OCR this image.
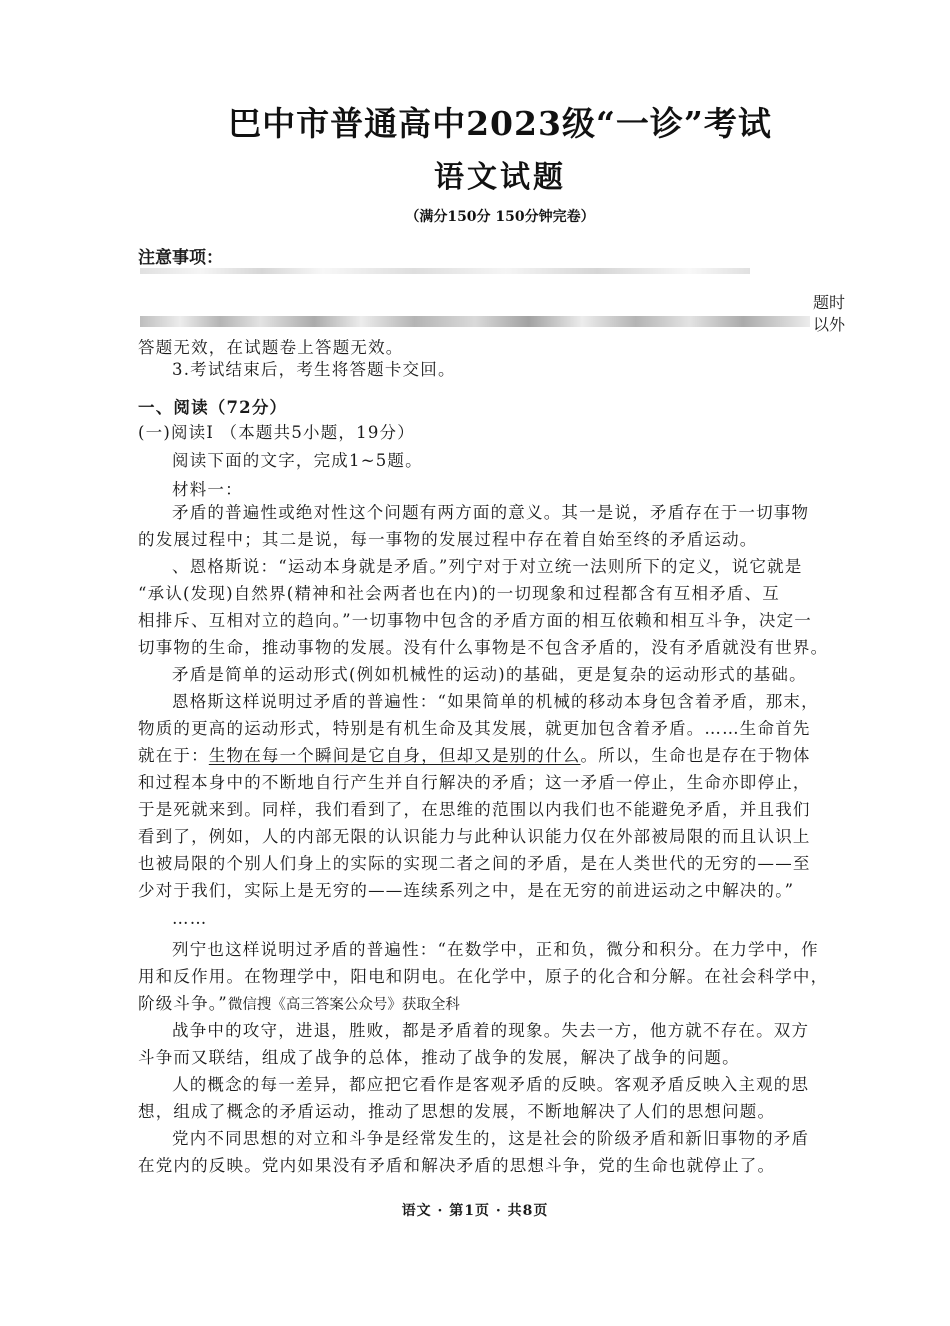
巴中市普通高中2023级“一诊”考试
语文试题
（满分150分 150分钟完卷）
注意事项：
题时
以外
答题无效，在试题卷上答题无效。
3.考试结束后，考生将答题卡交回。
一、阅读（72分）
(一)阅读Ⅰ （本题共5小题，19分）
阅读下面的文字，完成1~5题。
材料一：
矛盾的普遍性或绝对性这个问题有两方面的意义。其一是说，矛盾存在于一切事物
的发展过程中；其二是说，每一事物的发展过程中存在着自始至终的矛盾运动。
、恩格斯说：“运动本身就是矛盾。”列宁对于对立统一法则所下的定义，说它就是
“承认(发现)自然界(精神和社会两者也在内)的一切现象和过程都含有互相矛盾、互
相排斥、互相对立的趋向。”一切事物中包含的矛盾方面的相互依赖和相互斗争，决定一
切事物的生命，推动事物的发展。没有什么事物是不包含矛盾的，没有矛盾就没有世界。
矛盾是简单的运动形式(例如机械性的运动)的基础，更是复杂的运动形式的基础。
恩格斯这样说明过矛盾的普遍性：“如果简单的机械的移动本身包含着矛盾，那末，
物质的更高的运动形式，特别是有机生命及其发展，就更加包含着矛盾。……生命首先
就在于：生物在每一个瞬间是它自身，但却又是别的什么。所以，生命也是存在于物体
和过程本身中的不断地自行产生并自行解决的矛盾；这一矛盾一停止，生命亦即停止，
于是死就来到。同样，我们看到了，在思维的范围以内我们也不能避免矛盾，并且我们
看到了，例如，人的内部无限的认识能力与此种认识能力仅在外部被局限的而且认识上
也被局限的个别人们身上的实际的实现二者之间的矛盾，是在人类世代的无穷的——至
少对于我们，实际上是无穷的——连续系列之中，是在无穷的前进运动之中解决的。”
……
列宁也这样说明过矛盾的普遍性：“在数学中，正和负，微分和积分。在力学中，作
用和反作用。在物理学中，阳电和阴电。在化学中，原子的化合和分解。在社会科学中，
阶级斗争。”微信搜《高三答案公众号》获取全科
战争中的攻守，进退，胜败，都是矛盾着的现象。失去一方，他方就不存在。双方
斗争而又联结，组成了战争的总体，推动了战争的发展，解决了战争的问题。
人的概念的每一差异，都应把它看作是客观矛盾的反映。客观矛盾反映入主观的思
想，组成了概念的矛盾运动，推动了思想的发展，不断地解决了人们的思想问题。
党内不同思想的对立和斗争是经常发生的，这是社会的阶级矛盾和新旧事物的矛盾
在党内的反映。党内如果没有矛盾和解决矛盾的思想斗争，党的生命也就停止了。
语文 · 第1页 · 共8页
